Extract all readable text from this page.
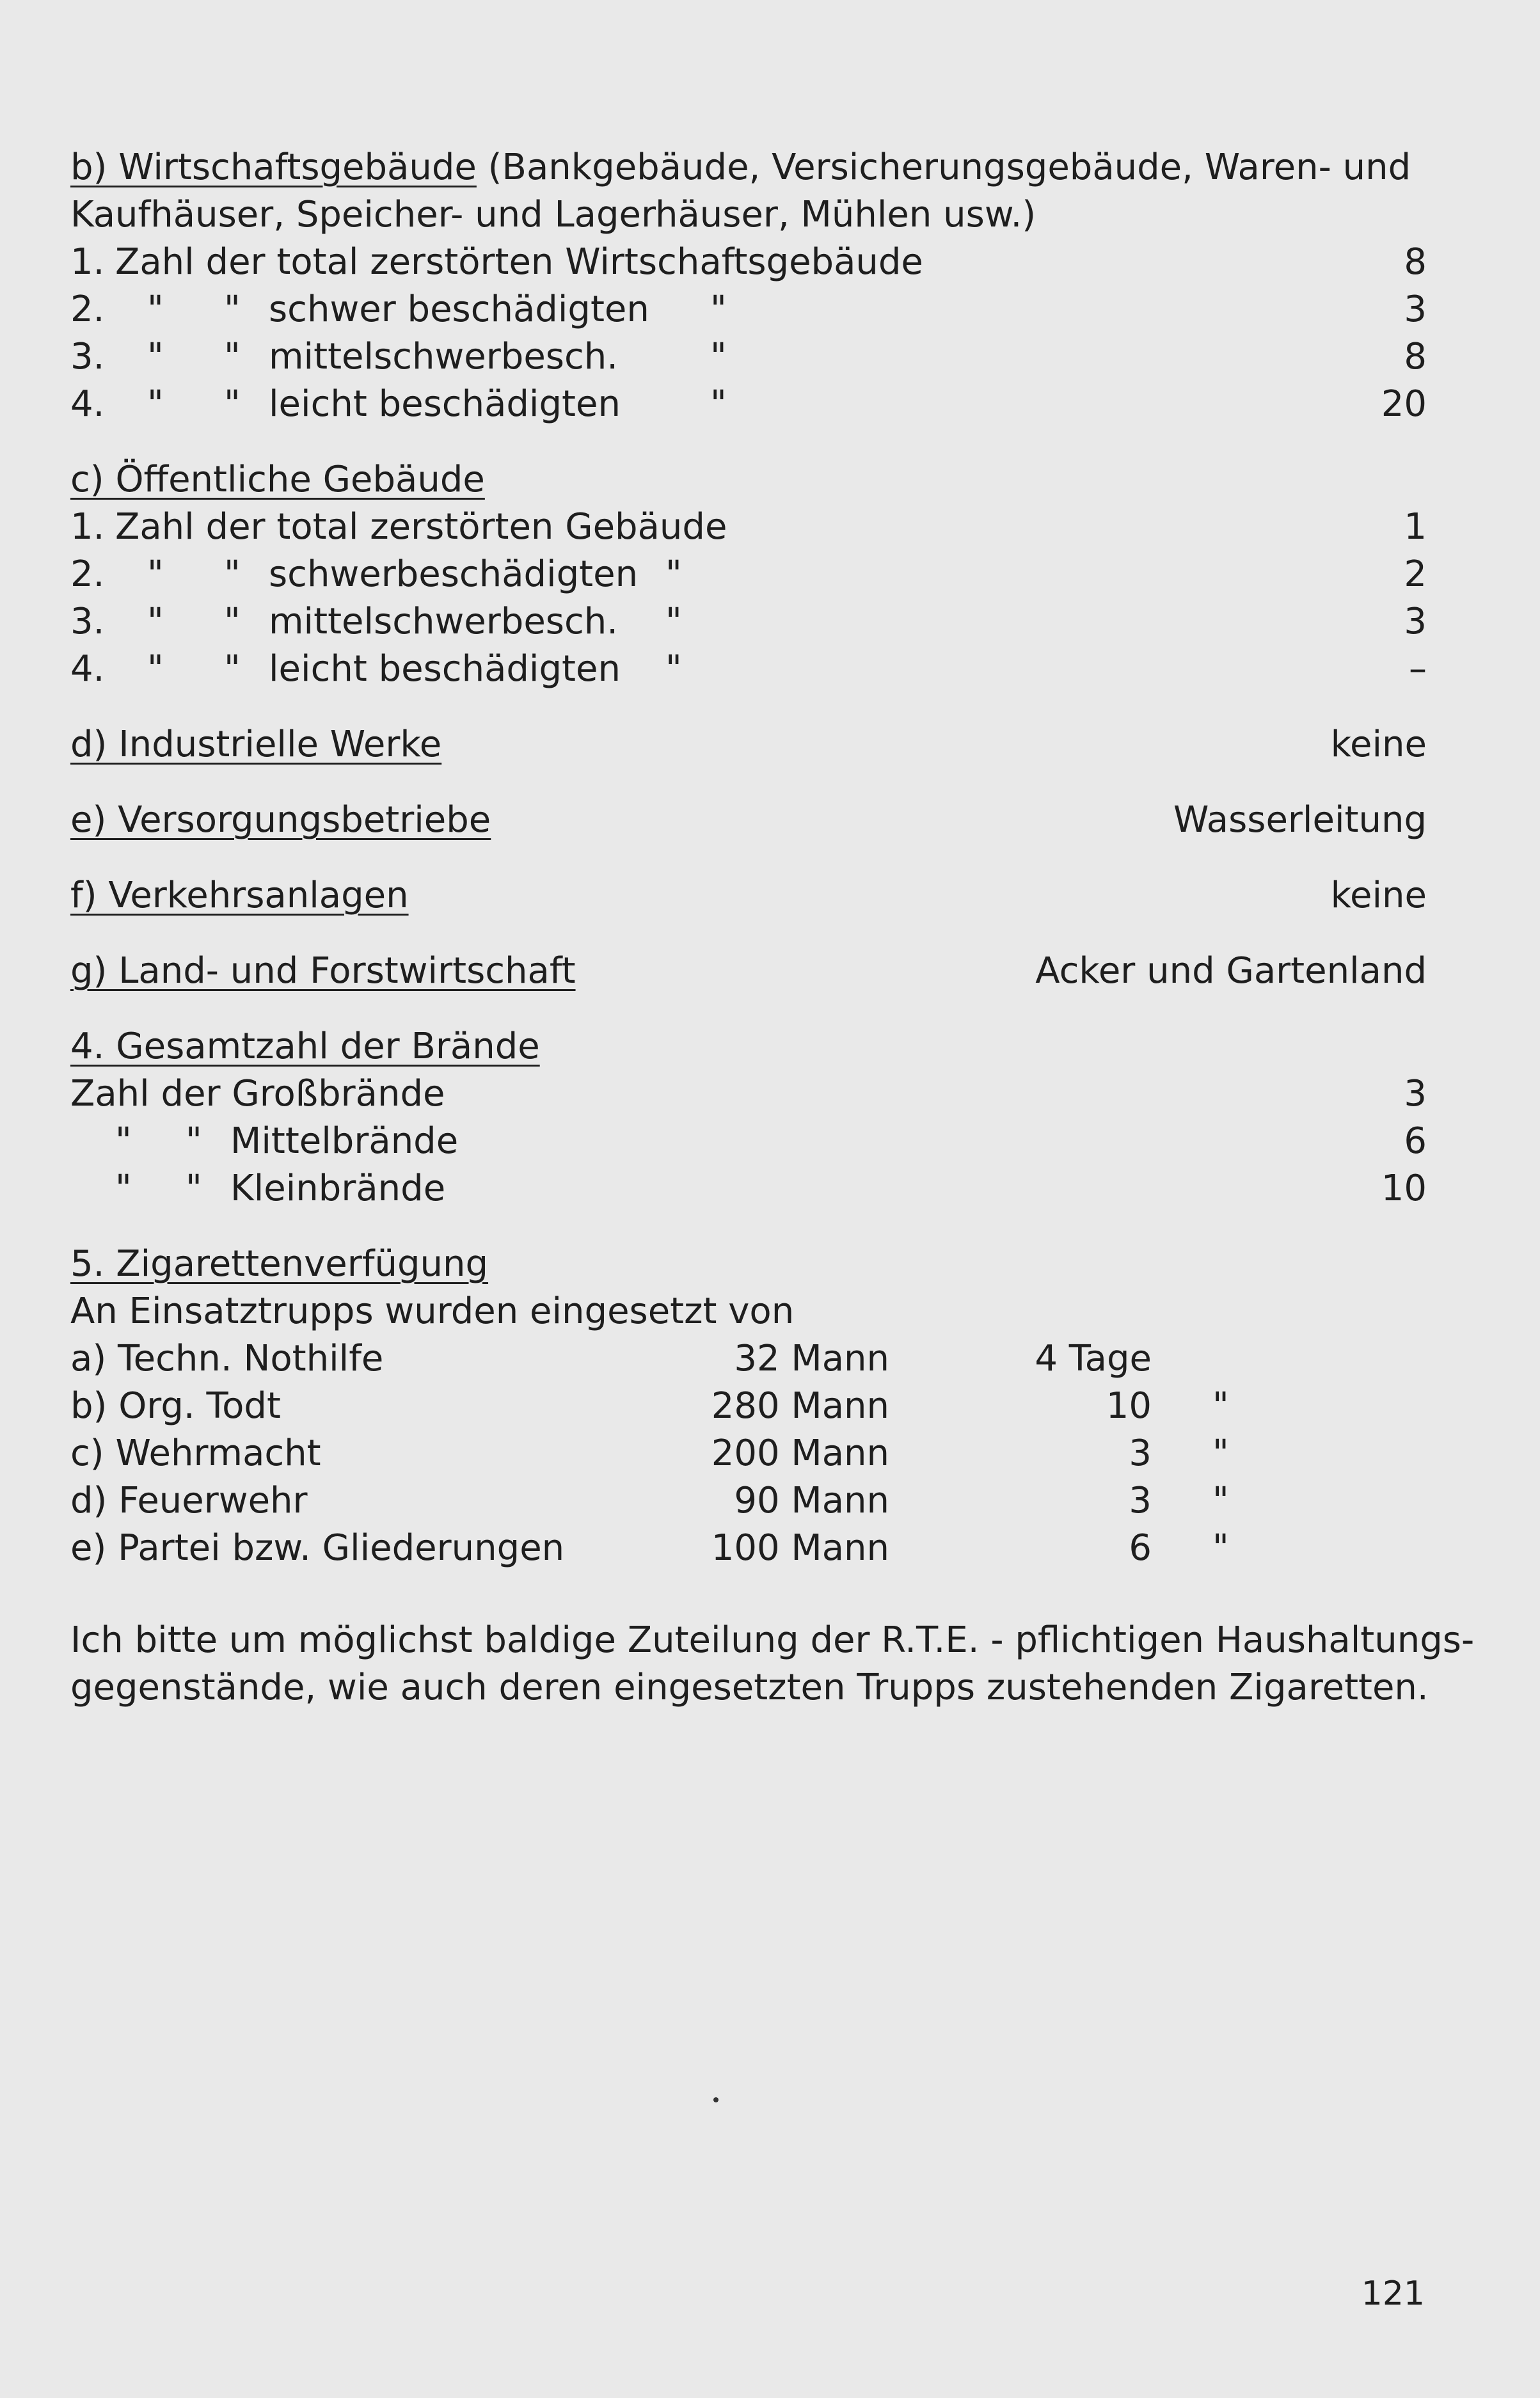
b) Wirtschaftsgebäude (Bankgebäude, Versicherungsgebäude, Waren- und
Kaufhäuser, Speicher- und Lagerhäuser, Mühlen usw.)
1. Zahl der total zerstörten Wirtschaftsgebäude	8
2. " " schwer beschädigten "	3
3. " " mittelschwerbesch.	"	8
4. " " leicht beschädigten	"	20
c) Öffentliche Gebäude
1. Zahl der total zerstörten Gebäude	1
2. " " schwerbeschädigten "	2
3. " " mittelschwerbesch. "	3
4. " " leicht beschädigten "	–
d) Industrielle Werke	keine
e) Versorgungsbetriebe	Wasserleitung
f) Verkehrsanlagen	keine
g) Land- und Forstwirtschaft	Acker und Gartenland
4. Gesamtzahl der Brände
Zahl der Großbrände	3
" " Mittelbrände	6
" " Kleinbrände	10
5. Zigarettenverfügung
An Einsatztrupps wurden eingesetzt von
a) Techn. Nothilfe	32 Mann	4 Tage
b) Org. Todt	280 Mann	10 "
c) Wehrmacht	200 Mann	3 "
d) Feuerwehr	90 Mann	3 "
e) Partei bzw. Gliederungen	100 Mann	6 "
Ich bitte um möglichst baldige Zuteilung der R.T.E. - pflichtigen Haushaltungs-
gegenstände, wie auch deren eingesetzten Trupps zustehenden Zigaretten.
121
